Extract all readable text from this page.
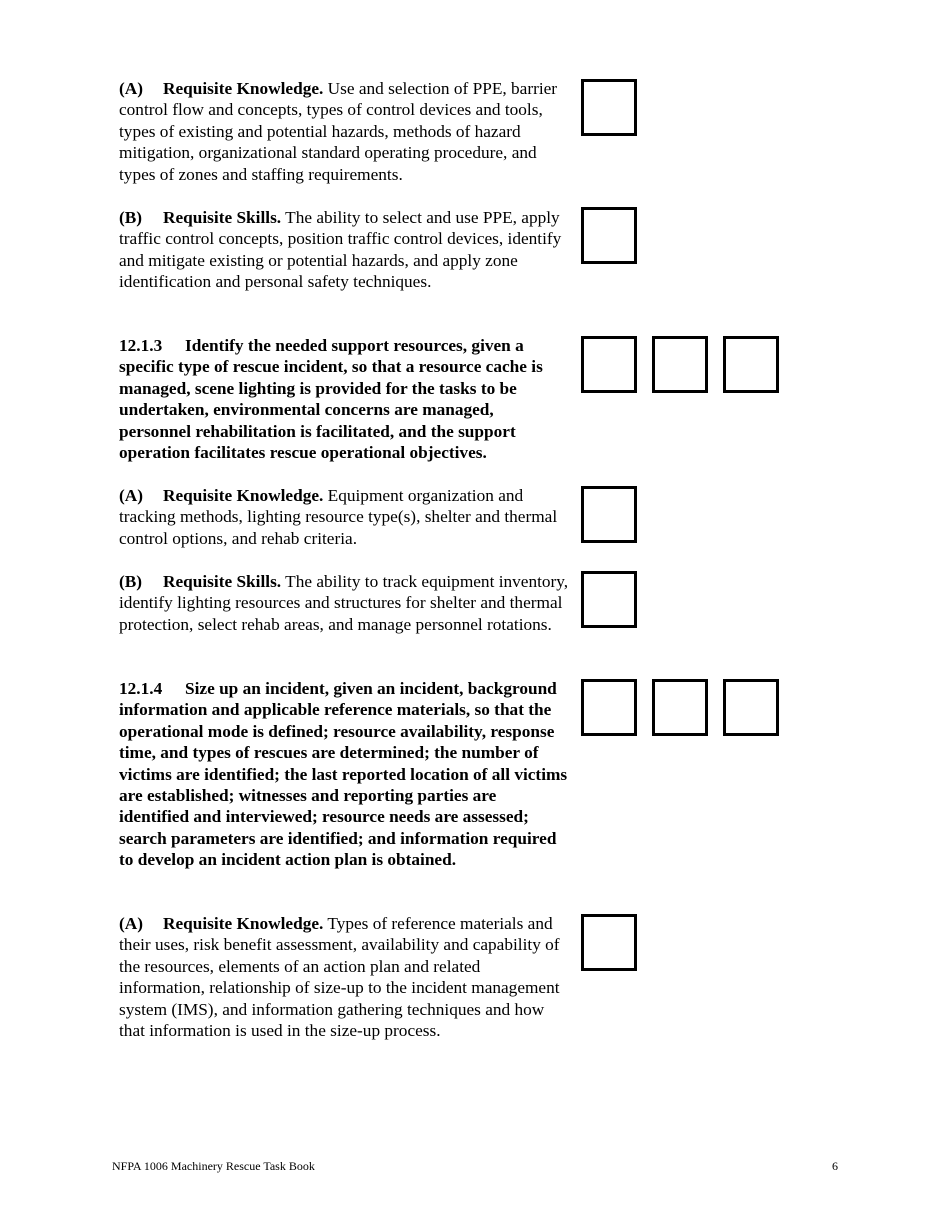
(A) Requisite Knowledge. Use and selection of PPE, barrier control flow and concepts, types of control devices and tools, types of existing and potential hazards, methods of hazard mitigation, organizational standard operating procedure, and types of zones and staffing requirements.

(B) Requisite Skills. The ability to select and use PPE, apply traffic control concepts, position traffic control devices, identify and mitigate existing or potential hazards, and apply zone identification and personal safety techniques.

12.1.3 Identify the needed support resources, given a specific type of rescue incident, so that a resource cache is managed, scene lighting is provided for the tasks to be undertaken, environmental concerns are managed, personnel rehabilitation is facilitated, and the support operation facilitates rescue operational objectives.

(A) Requisite Knowledge. Equipment organization and tracking methods, lighting resource type(s), shelter and thermal control options, and rehab criteria.

(B) Requisite Skills. The ability to track equipment inventory, identify lighting resources and structures for shelter and thermal protection, select rehab areas, and manage personnel rotations.

12.1.4 Size up an incident, given an incident, background information and applicable reference materials, so that the operational mode is defined; resource availability, response time, and types of rescues are determined; the number of victims are identified; the last reported location of all victims are established; witnesses and reporting parties are identified and interviewed; resource needs are assessed; search parameters are identified; and information required to develop an incident action plan is obtained.

(A) Requisite Knowledge. Types of reference materials and their uses, risk benefit assessment, availability and capability of the resources, elements of an action plan and related information, relationship of size-up to the incident management system (IMS), and information gathering techniques and how that information is used in the size-up process.

NFPA 1006 Machinery Rescue Task Book	6
